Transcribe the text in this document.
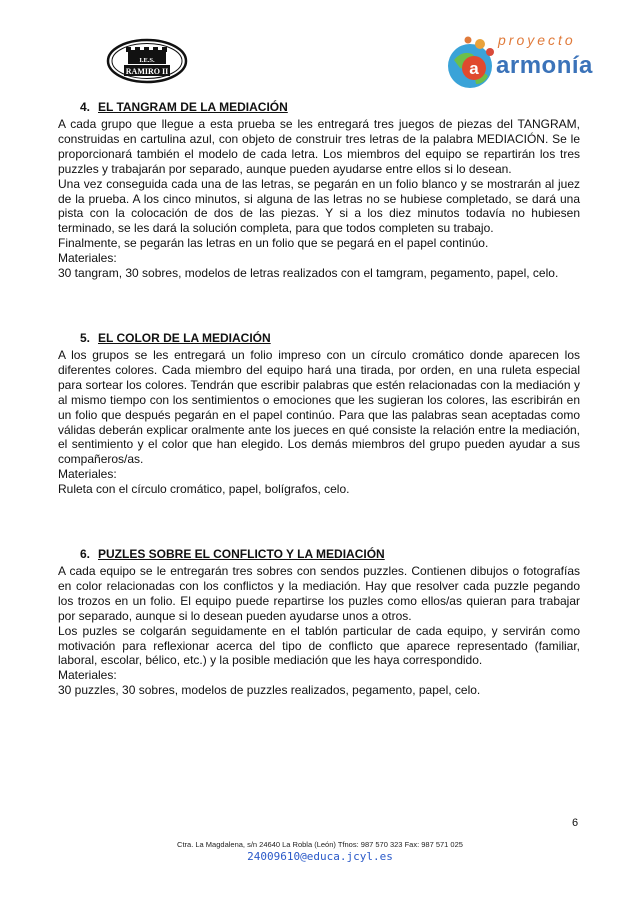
I.E.S.
RAMIRO II	a
proyecto
armonía
4. EL TANGRAM DE LA MEDIACIÓN

A cada grupo que llegue a esta prueba se les entregará tres juegos de piezas del TANGRAM, construidas en cartulina azul, con objeto de construir tres letras de la palabra MEDIACIÓN. Se le proporcionará también el modelo de cada letra. Los miembros del equipo se repartirán los tres puzzles y trabajarán por separado, aunque pueden ayudarse entre ellos si lo desean.

Una vez conseguida cada una de las letras, se pegarán en un folio blanco y se mostrarán al juez de la prueba. A los cinco minutos, si alguna de las letras no se hubiese completado, se dará una pista con la colocación de dos de las piezas. Y si a los diez minutos todavía no hubiesen terminado, se les dará la solución completa, para que todos completen su trabajo.

Finalmente, se pegarán las letras en un folio que se pegará en el papel continúo.

Materiales:

30 tangram, 30 sobres, modelos de letras realizados con el tamgram, pegamento, papel, celo.

5. EL COLOR DE LA MEDIACIÓN

A los grupos se les entregará un folio impreso con un círculo cromático donde aparecen los diferentes colores. Cada miembro del equipo hará una tirada, por orden, en una ruleta especial para sortear los colores. Tendrán que escribir palabras que estén relacionadas con la mediación y al mismo tiempo con los sentimientos o emociones que les sugieran los colores, las escribirán en un folio que después pegarán en el papel continúo. Para que las palabras sean aceptadas como válidas deberán explicar oralmente ante los jueces en qué consiste la relación entre la mediación, el sentimiento y el color que han elegido. Los demás miembros del grupo pueden ayudar a sus compañeros/as.

Materiales:

Ruleta con el círculo cromático, papel, bolígrafos, celo.

6. PUZLES SOBRE EL CONFLICTO Y LA MEDIACIÓN

A cada equipo se le entregarán tres sobres con sendos puzzles. Contienen dibujos o fotografías en color relacionadas con los conflictos y la mediación. Hay que resolver cada puzzle pegando los trozos en un folio. El equipo puede repartirse los puzles como ellos/as quieran para trabajar por separado, aunque si lo desean pueden ayudarse unos a otros.

Los puzles se colgarán seguidamente en el tablón particular de cada equipo, y servirán como motivación para reflexionar acerca del tipo de conflicto que aparece representado (familiar, laboral, escolar, bélico, etc.) y la posible mediación que les haya correspondido.

Materiales:

30 puzzles, 30 sobres, modelos de puzzles realizados, pegamento, papel, celo.

6
Ctra. La Magdalena, s/n 24640 La Robla (León) Tfnos: 987 570 323 Fax: 987 571 025
24009610@educa.jcyl.es
